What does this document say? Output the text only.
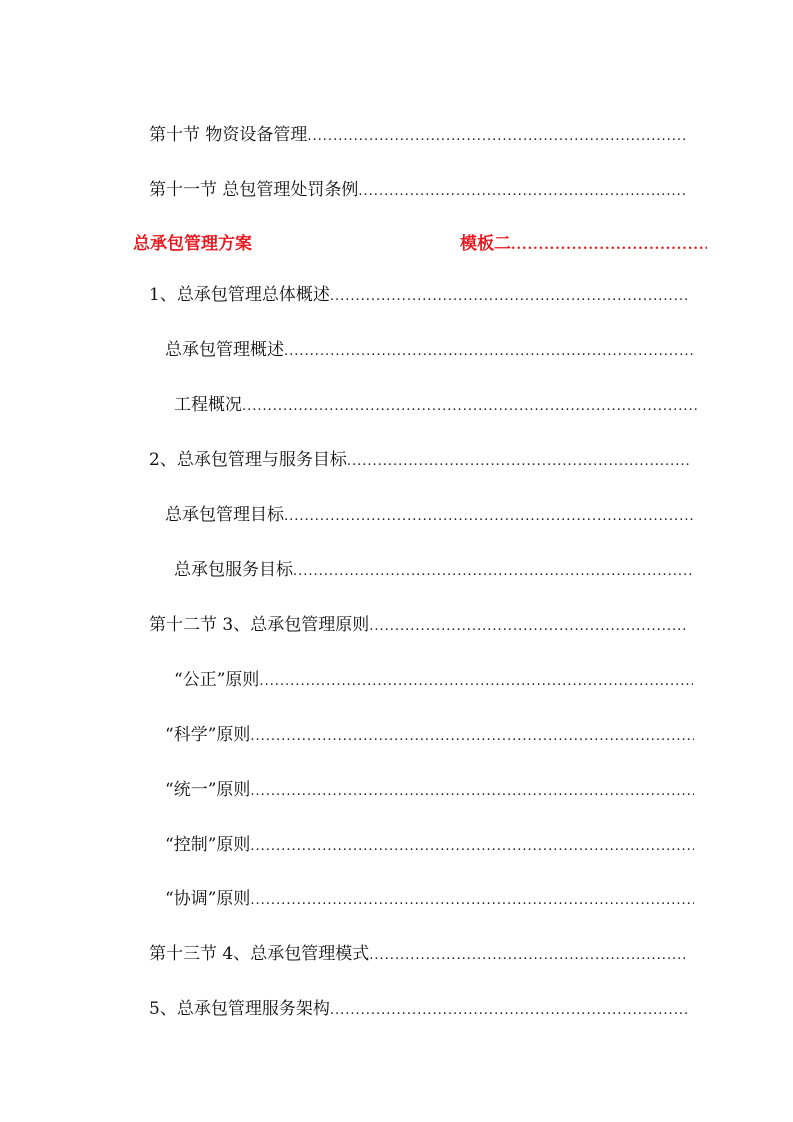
第十节 物资设备管理
.....
第十一节 总包管理处罚条例
.....
总承包管理方案	模板二
.....
1、总承包管理总体概述
.....
总承包管理概述
.....
工程概况
.....
2、总承包管理与服务目标
.....
总承包管理目标
.....
总承包服务目标
.....
第十二节 3、总承包管理原则
.....
“公正”原则
.....
“科学”原则
.....
“统一”原则
.....
“控制”原则
.....
“协调”原则
.....
第十三节 4、总承包管理模式
.....
5、总承包管理服务架构
.....
